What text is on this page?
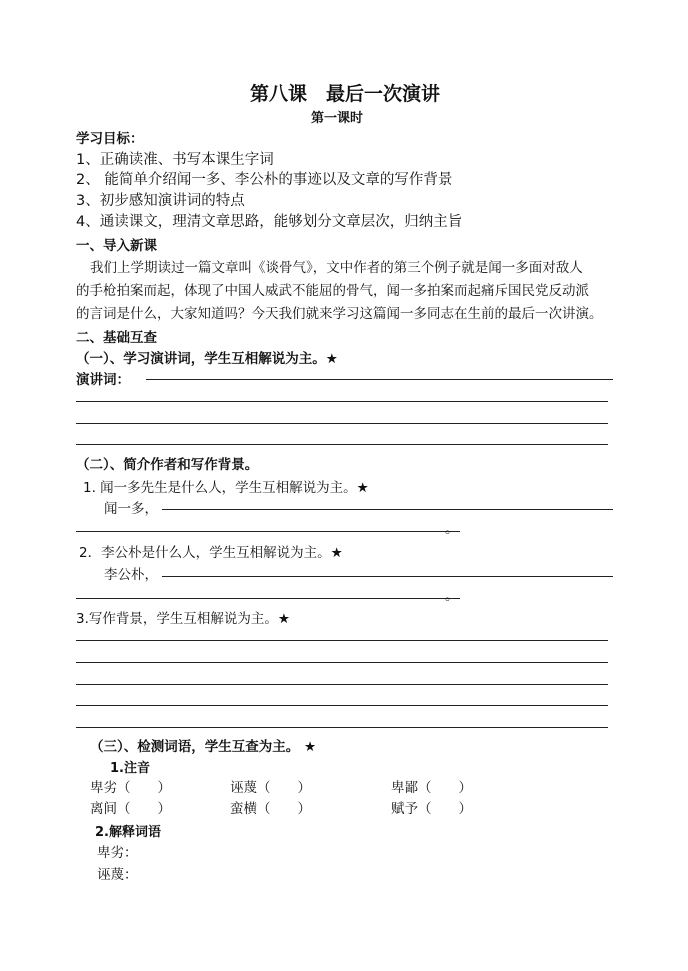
第八课　最后一次演讲
第一课时
学习目标：
1、正确读准、书写本课生字词
2、 能简单介绍闻一多、李公朴的事迹以及文章的写作背景
3、初步感知演讲词的特点
4、通读课文，理清文章思路，能够划分文章层次，归纳主旨
一、导入新课
我们上学期读过一篇文章叫《谈骨气》，文中作者的第三个例子就是闻一多面对敌人
的手枪拍案而起，体现了中国人威武不能屈的骨气，闻一多拍案而起痛斥国民党反动派
的言词是什么，大家知道吗？今天我们就来学习这篇闻一多同志在生前的最后一次讲演。
二、基础互查
（一）、学习演讲词，学生互相解说为主。★
演讲词：
（二）、简介作者和写作背景。
1. 闻一多先生是什么人，学生互相解说为主。★
闻一多，
。
2．李公朴是什么人，学生互相解说为主。★
李公朴，
。
3.写作背景，学生互相解说为主。★
（三）、检测词语，学生互查为主。 ★
1.注音
卑劣（　　）	诬蔑（　　）	卑鄙（　　）
离间（　　）	蛮横（　　）	赋予（　　）
2.解释词语
卑劣：
诬蔑：
